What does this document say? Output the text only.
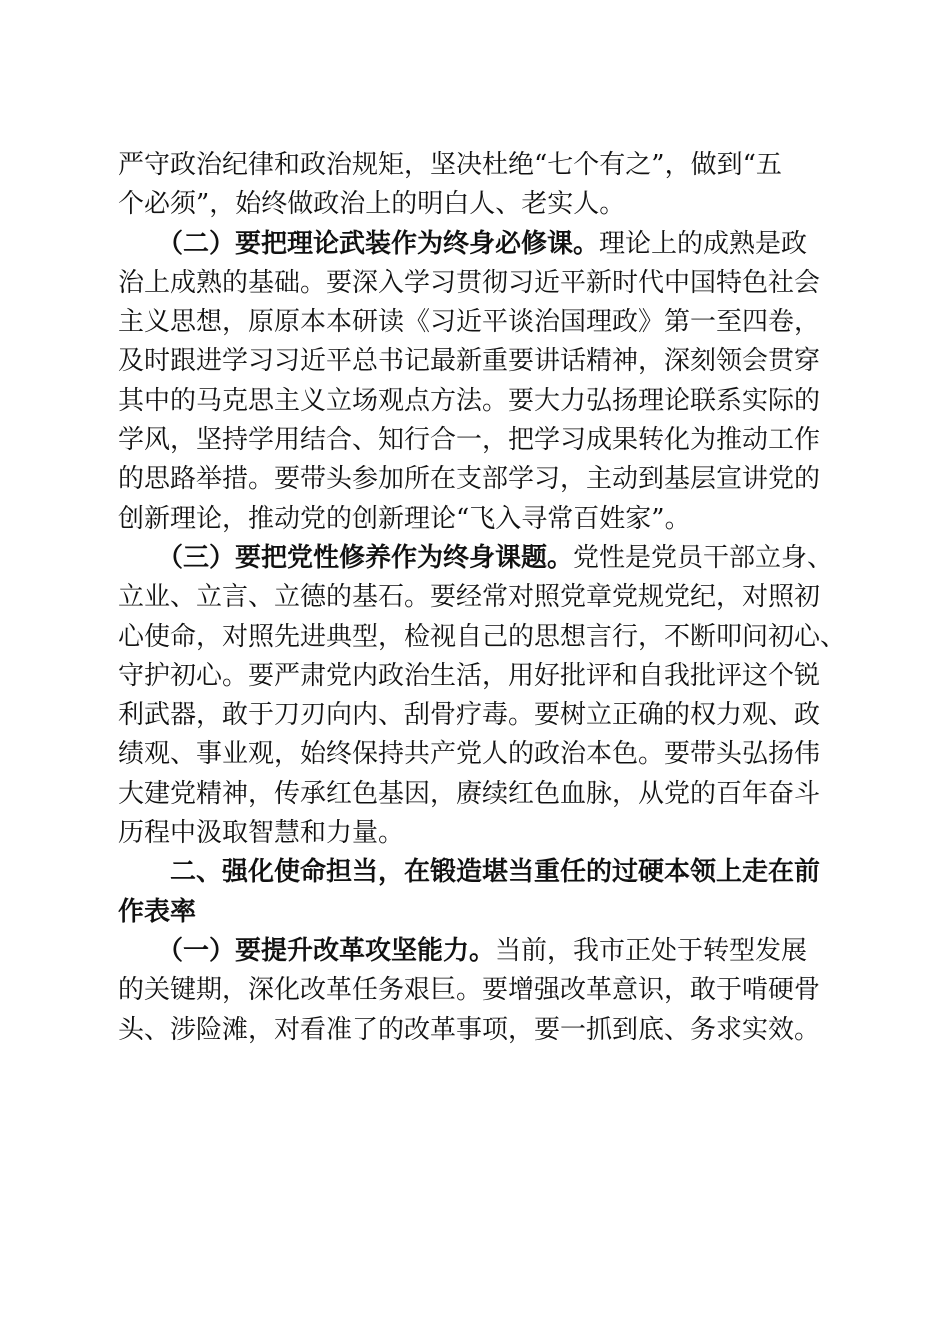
严守政治纪律和政治规矩，坚决杜绝“七个有之”，做到“五
个必须”，始终做政治上的明白人、老实人。
　　（二）要把理论武装作为终身必修课。理论上的成熟是政
治上成熟的基础。要深入学习贯彻习近平新时代中国特色社会
主义思想，原原本本研读《习近平谈治国理政》第一至四卷，
及时跟进学习习近平总书记最新重要讲话精神，深刻领会贯穿
其中的马克思主义立场观点方法。要大力弘扬理论联系实际的
学风，坚持学用结合、知行合一，把学习成果转化为推动工作
的思路举措。要带头参加所在支部学习，主动到基层宣讲党的
创新理论，推动党的创新理论“飞入寻常百姓家”。
　　（三）要把党性修养作为终身课题。党性是党员干部立身、
立业、立言、立德的基石。要经常对照党章党规党纪，对照初
心使命，对照先进典型，检视自己的思想言行，不断叩问初心、
守护初心。要严肃党内政治生活，用好批评和自我批评这个锐
利武器，敢于刀刃向内、刮骨疗毒。要树立正确的权力观、政
绩观、事业观，始终保持共产党人的政治本色。要带头弘扬伟
大建党精神，传承红色基因，赓续红色血脉，从党的百年奋斗
历程中汲取智慧和力量。
　　二、强化使命担当，在锻造堪当重任的过硬本领上走在前
作表率
　　（一）要提升改革攻坚能力。当前，我市正处于转型发展
的关键期，深化改革任务艰巨。要增强改革意识，敢于啃硬骨
头、涉险滩，对看准了的改革事项，要一抓到底、务求实效。
